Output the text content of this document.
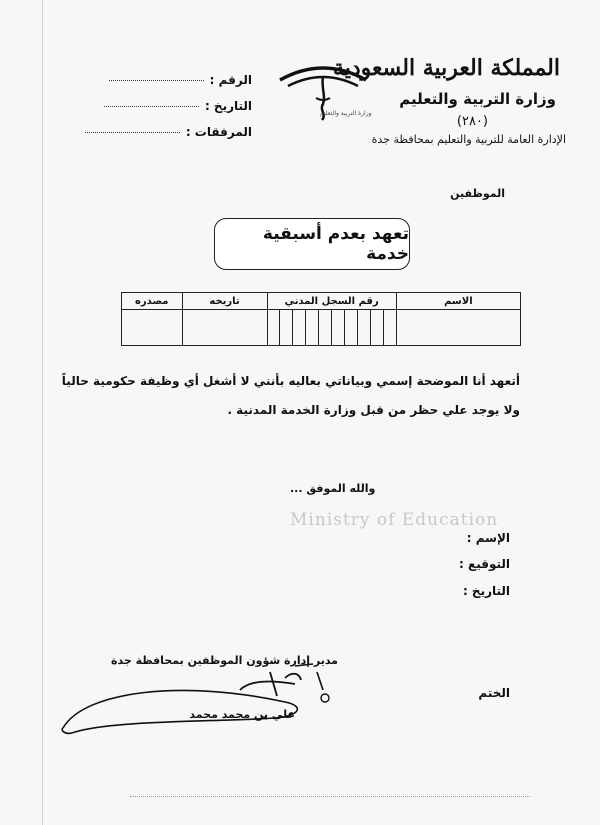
المملكة العربية السعودية
وزارة التربية والتعليم
(٢٨٠)
الإدارة العامة للتربية والتعليم بمحافظة جدة
وزارة التربية والتعليم
الرقم :
التاريخ :
المرفقات :
الموظفين
تعهد بعدم أسبقية خدمة
الاسم	رقم السجل المدني	تاريخه	مصدره

أتعهد أنا الموضحة إسمي وبياناتي بعاليه بأنني لا أشغل أي وظيفة حكومية حالياً
ولا يوجد علي حظر من قبل وزارة الخدمة المدنية .
والله الموفق ...
Ministry of Education
الإسم :
التوقيع :
التاريخ :
مدير إدارة شؤون الموظفين بمحافظة جدة
الختم
علي بن محمد محمد
